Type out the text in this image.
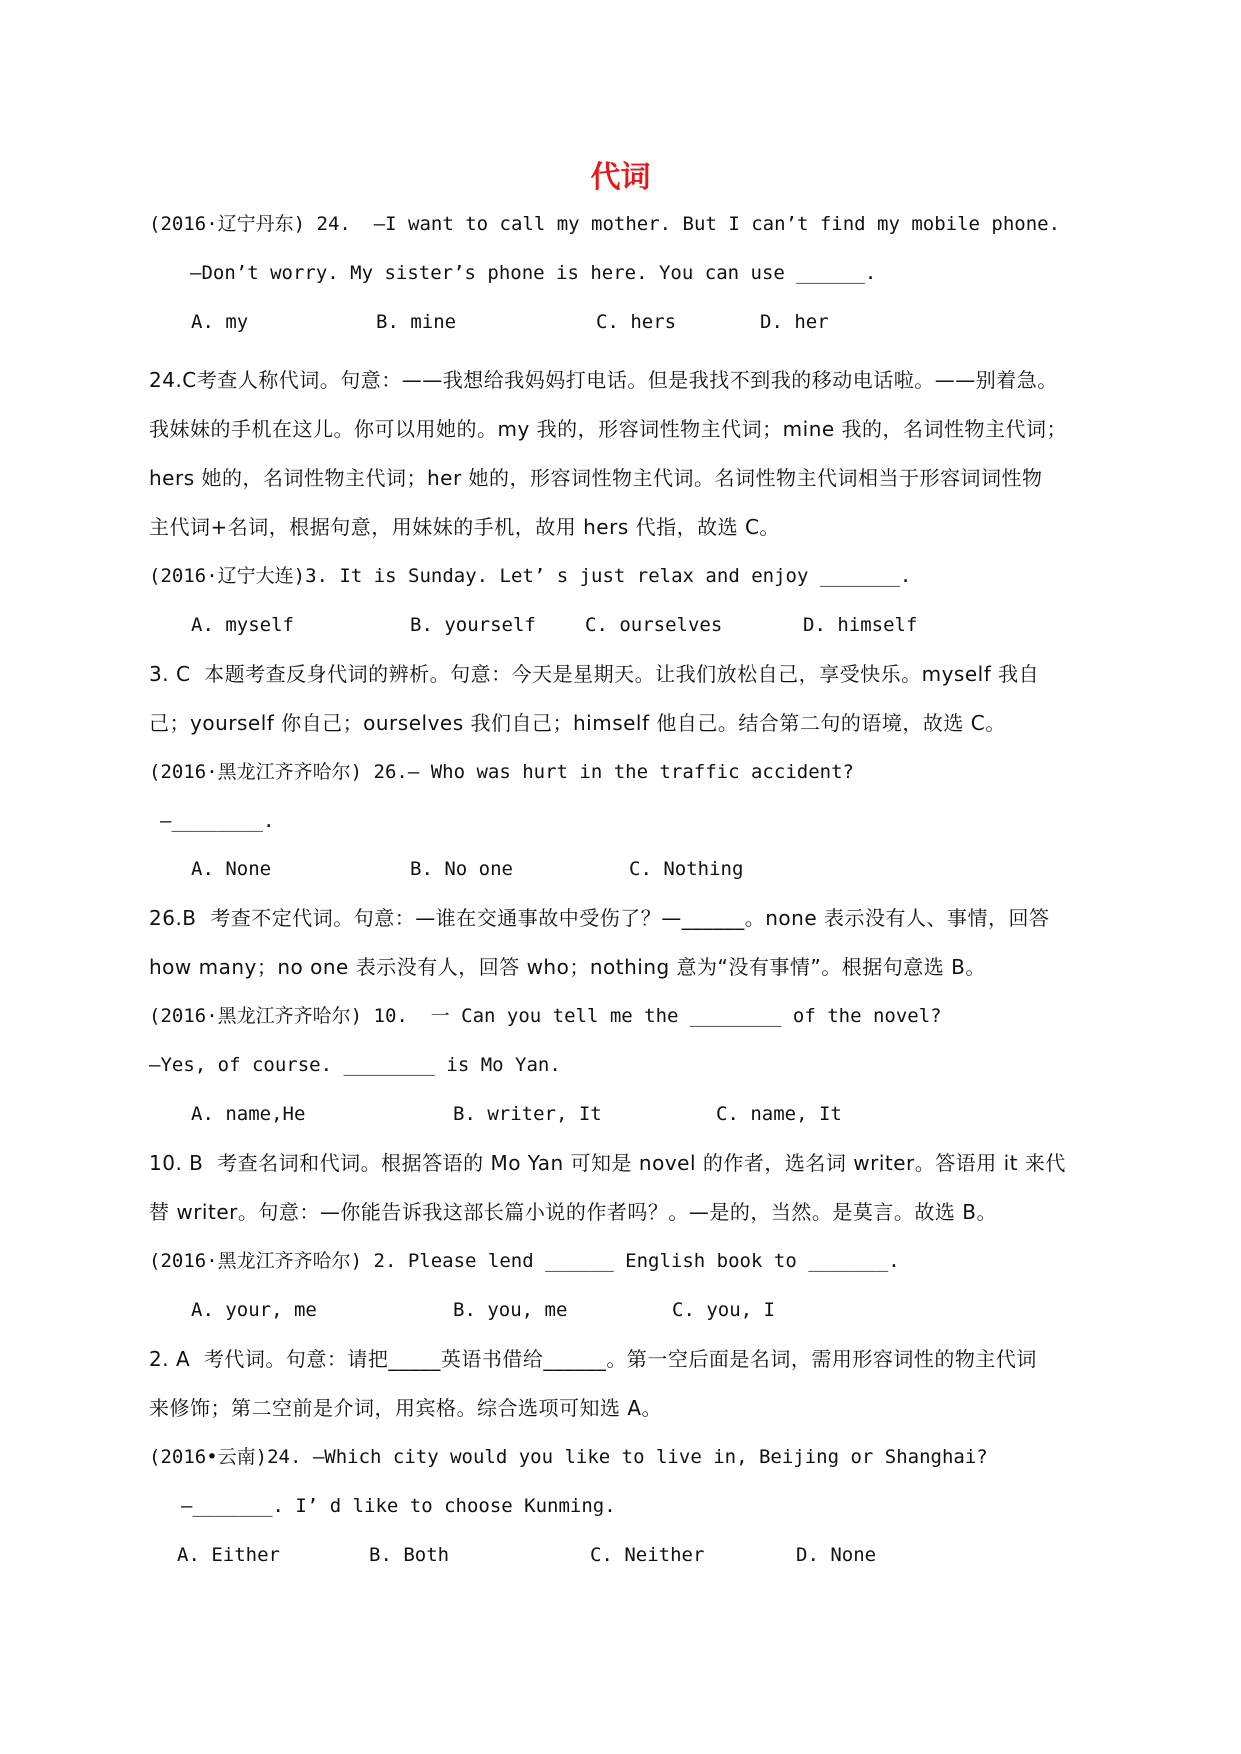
代词
(2016·辽宁丹东) 24.  —I want to call my mother. But I can’t find my mobile phone.
—Don’t worry. My sister’s phone is here. You can use ______.
24.C考查人称代词。句意：——我想给我妈妈打电话。但是我找不到我的移动电话啦。——别着急。
我妹妹的手机在这儿。你可以用她的。my 我的，形容词性物主代词；mine 我的，名词性物主代词；
hers 她的，名词性物主代词；her 她的，形容词性物主代词。名词性物主代词相当于形容词词性物
主代词+名词，根据句意，用妹妹的手机，故用 hers 代指，故选 C。
(2016·辽宁大连)3. It is Sunday. Let’ s just relax and enjoy _______.
3. C  本题考查反身代词的辨析。句意：今天是星期天。让我们放松自己，享受快乐。myself 我自
己；yourself 你自己；ourselves 我们自己；himself 他自己。结合第二句的语境，故选 C。
(2016·黑龙江齐齐哈尔) 26.— Who was hurt in the traffic accident?
—________.
26.B  考查不定代词。句意：—谁在交通事故中受伤了？—______。none 表示没有人、事情，回答
how many；no one 表示没有人，回答 who；nothing 意为“没有事情”。根据句意选 B。
(2016·黑龙江齐齐哈尔) 10.  一 Can you tell me the ________ of the novel?
—Yes, of course. ________ is Mo Yan.
10. B  考查名词和代词。根据答语的 Mo Yan 可知是 novel 的作者，选名词 writer。答语用 it 来代
替 writer。句意：—你能告诉我这部长篇小说的作者吗？。—是的，当然。是莫言。故选 B。
(2016·黑龙江齐齐哈尔) 2. Please lend ______ English book to _______.
2. A  考代词。句意：请把_____英语书借给______。第一空后面是名词，需用形容词性的物主代词
来修饰；第二空前是介词，用宾格。综合选项可知选 A。
(2016•云南)24. —Which city would you like to live in, Beijing or Shanghai?
—_______. I’ d like to choose Kunming.
A. my	B. mine	C. hers	D. her
A. myself	B. yourself	C. ourselves	D. himself
A. None	B. No one	C. Nothing
A. name,He	B. writer, It	C. name, It
A. your, me	B. you, me	C. you, I
A. Either	B. Both	C. Neither	D. None
